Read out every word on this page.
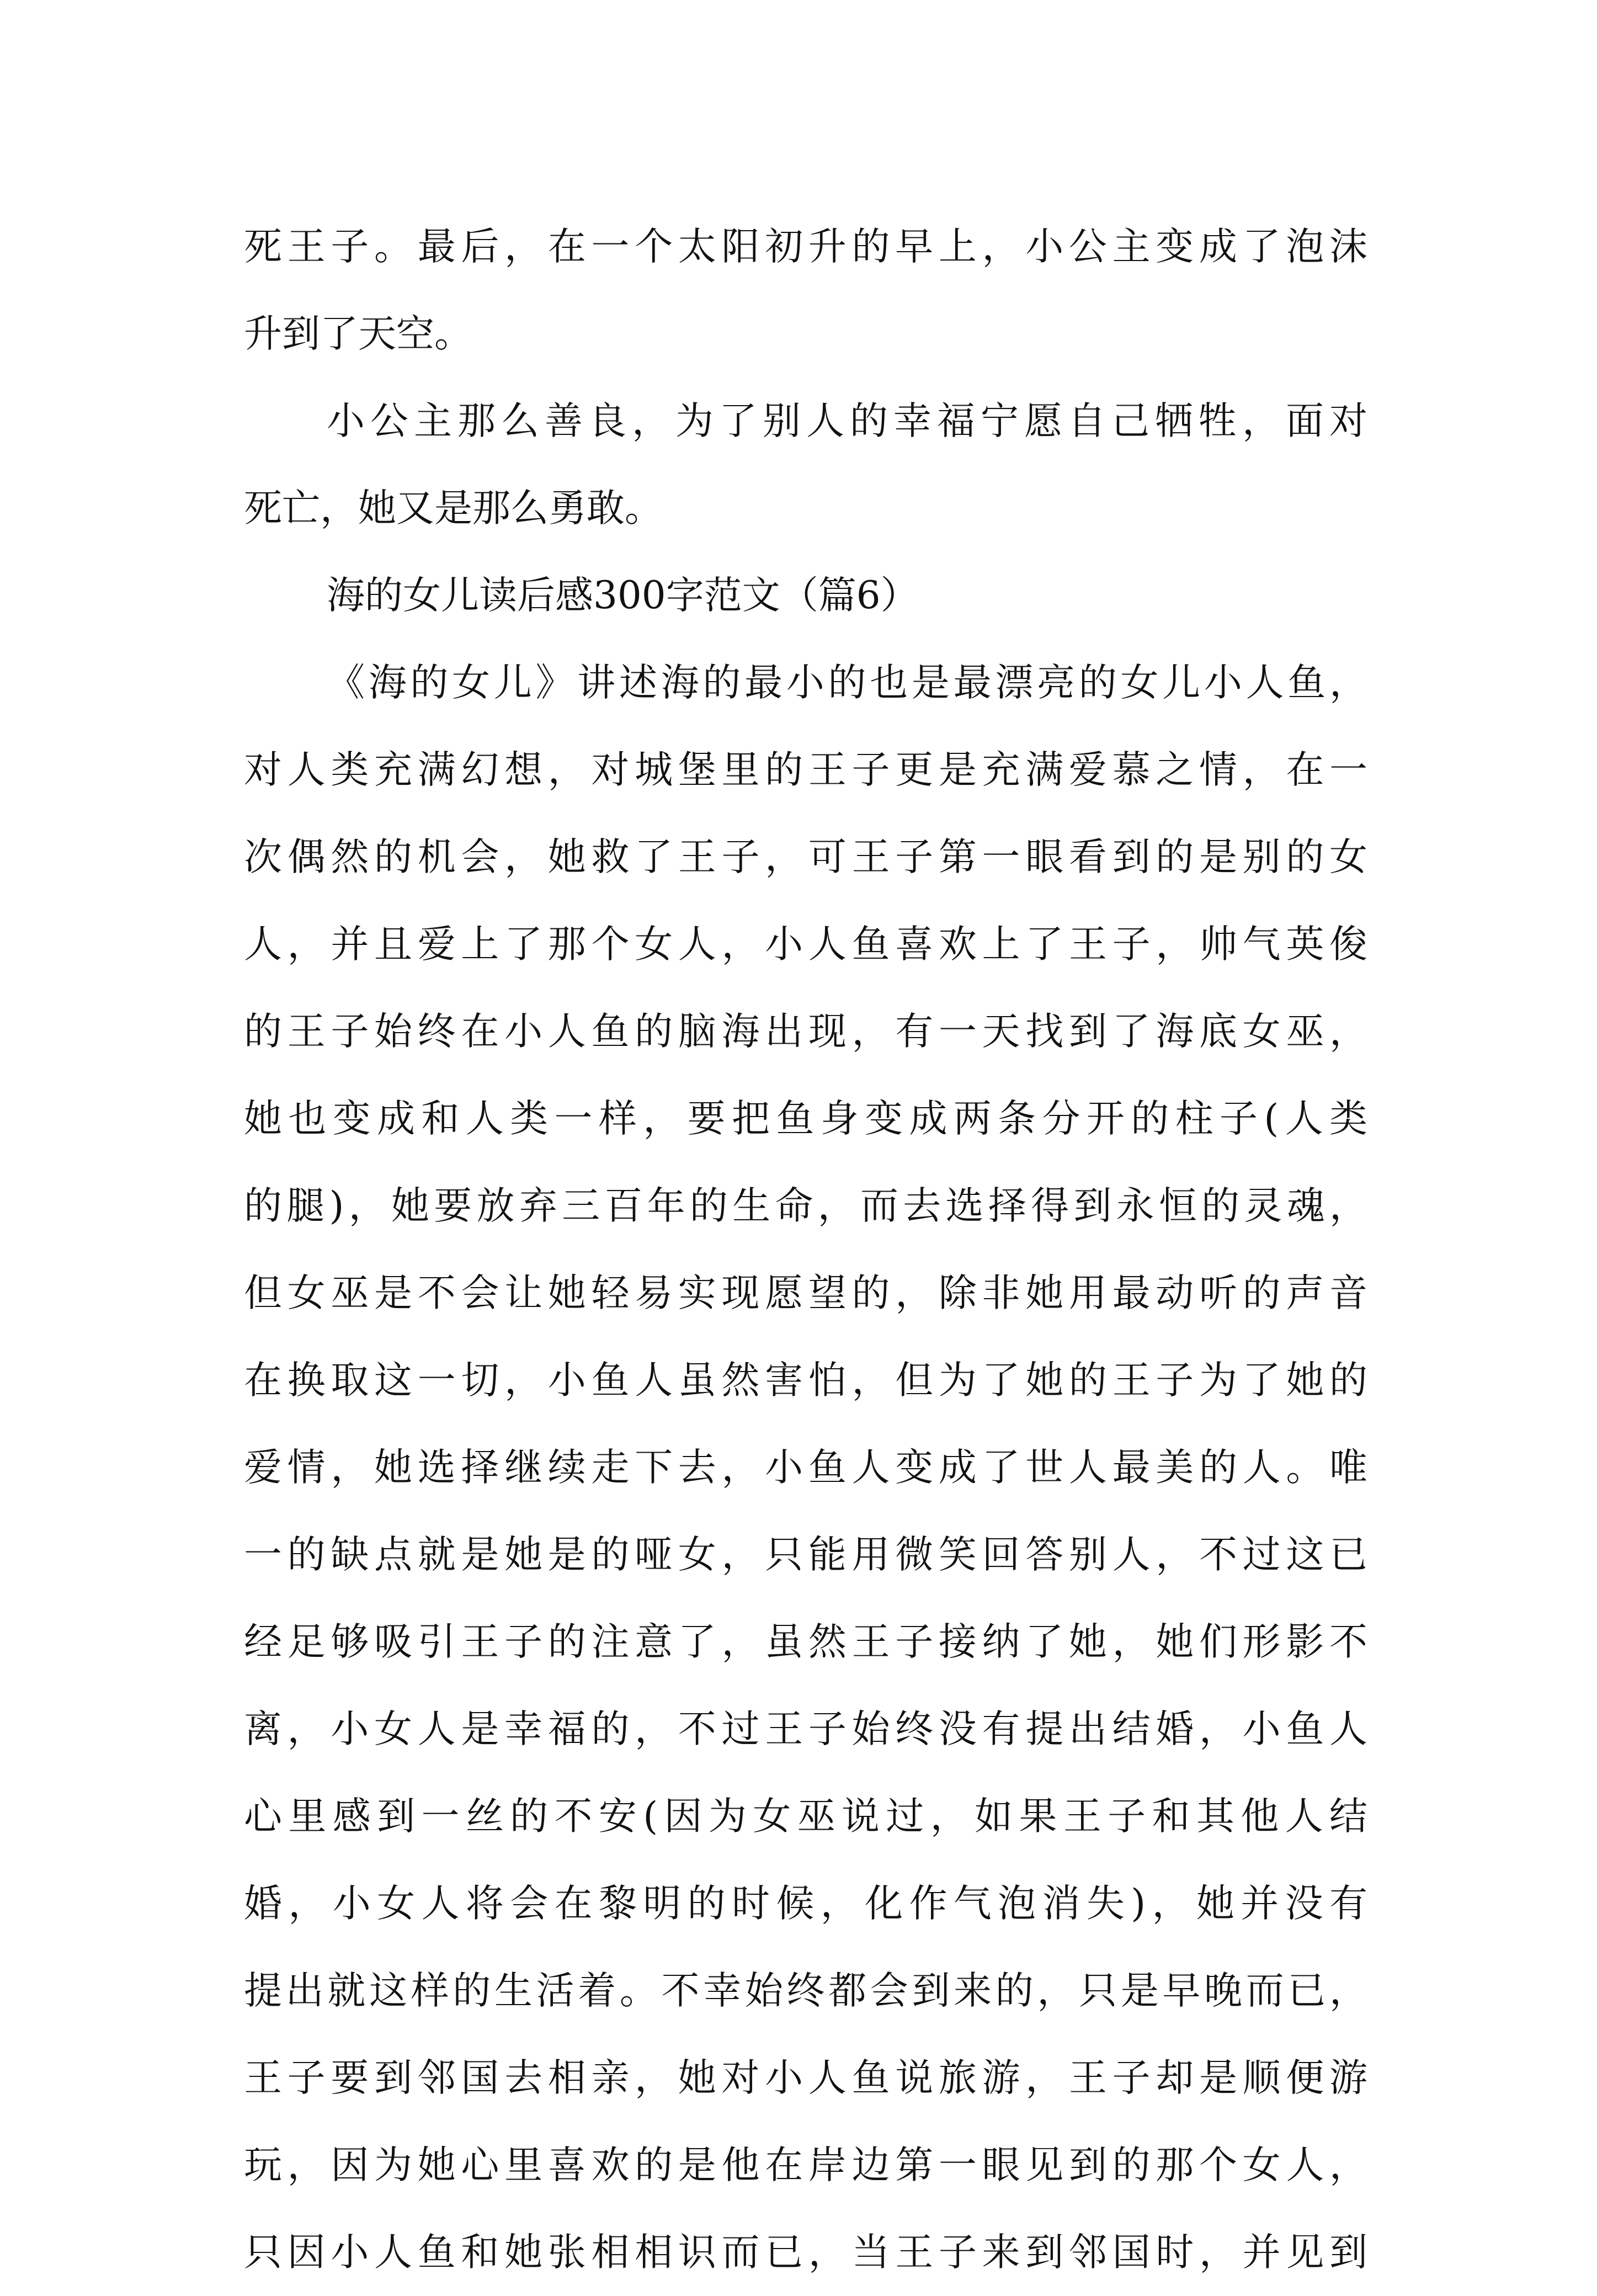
死王子。最后，在一个太阳初升的早上，小公主变成了泡沫
升到了天空。
小公主那么善良，为了别人的幸福宁愿自己牺牲，面对
死亡，她又是那么勇敢。
海的女儿读后感300字范文（篇6）
《海的女儿》讲述海的最小的也是最漂亮的女儿小人鱼，
对人类充满幻想，对城堡里的王子更是充满爱慕之情，在一
次偶然的机会，她救了王子，可王子第一眼看到的是别的女
人，并且爱上了那个女人，小人鱼喜欢上了王子，帅气英俊
的王子始终在小人鱼的脑海出现，有一天找到了海底女巫，
她也变成和人类一样，要把鱼身变成两条分开的柱子(人类
的腿)，她要放弃三百年的生命，而去选择得到永恒的灵魂，
但女巫是不会让她轻易实现愿望的，除非她用最动听的声音
在换取这一切，小鱼人虽然害怕，但为了她的王子为了她的
爱情，她选择继续走下去，小鱼人变成了世人最美的人。唯
一的缺点就是她是的哑女，只能用微笑回答别人，不过这已
经足够吸引王子的注意了，虽然王子接纳了她，她们形影不
离，小女人是幸福的，不过王子始终没有提出结婚，小鱼人
心里感到一丝的不安(因为女巫说过，如果王子和其他人结
婚，小女人将会在黎明的时候，化作气泡消失)，她并没有
提出就这样的生活着。不幸始终都会到来的，只是早晚而已，
王子要到邻国去相亲，她对小人鱼说旅游，王子却是顺便游
玩，因为她心里喜欢的是他在岸边第一眼见到的那个女人，
只因小人鱼和她张相相识而已，当王子来到邻国时，并见到
